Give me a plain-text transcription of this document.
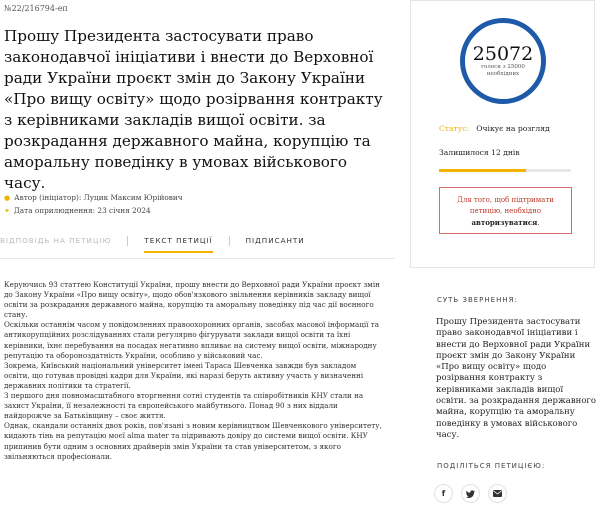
№22/216794-еп
Прошу Президента застосувати право законодавчої ініціативи і внести до Верховної ради України проєкт змін до Закону України «Про вищу освіту» щодо розірвання контракту з керівниками закладів вищої освіти. за розкрадання державного майна, корупцію та аморальну поведінку в умовах військового часу.
● Автор (ініціатор): Луцик Максим Юрійович
✦ Дата оприлюднення: 23 січня 2024
ВІДПОВІДЬ НА ПЕТИЦІЮ	ТЕКСТ ПЕТИЦІЇ	ПІДПИСАНТИ

Керуючись 93 статтею Конституції України, прошу внести до Верховної ради України проєкт змін до Закону України «Про вищу освіту», щодо обов'язкового звільнення керівників закладу вищої освіти за розкрадання державного майна, корупцію та аморальну поведінку під час дії воєнного стану.

Оскільки останнім часом у повідомленнях правоохоронних органів, засобах масової інформації та антикорупційних розслідуваннях стали регулярно фігурувати заклади вищої освіти та їхні керівники, їхнє перебування на посадах негативно впливає на систему вищої освіти, міжнародну репутацію та обороноздатність України, особливо у військовий час.

Зокрема, Київський національний університет імені Тараса Шевченка завжди був закладом освіти, що готував провідні кадри для України, які наразі беруть активну участь у визначенні державних політики та стратегії.

З першого дня повномасштабного вторгнення сотні студентів та співробітників КНУ стали на захист України, її незалежності та європейського майбутнього. Понад 90 з них віддали найдорожче за Батьківщину – своє життя.

Однак, скандали останніх двох років, пов'язані з новим керівництвом Шевченкового університету, кидають тінь на репутацію моєї alma mater та підривають довіру до системи вищої освіти. КНУ припинив бути одним з основних драйверів змін України та став університетом, з якого звільняються професіонали.

25072
голоси з 25000 необхідних
Статус: Очікує на розгляд
Залишилося 12 днів
Для того, щоб підтримати петицію, необхідно авторизуватися.
СУТЬ ЗВЕРНЕННЯ:
Прошу Президента застосувати право законодавчої ініціативи і внести до Верховної ради України проєкт змін до Закону України «Про вищу освіту» щодо розірвання контракту з керівниками закладів вищої освіти. за розкрадання державного майна, корупцію та аморальну поведінку в умовах військового часу.
ПОДІЛІТЬСЯ ПЕТИЦІЄЮ:
f
